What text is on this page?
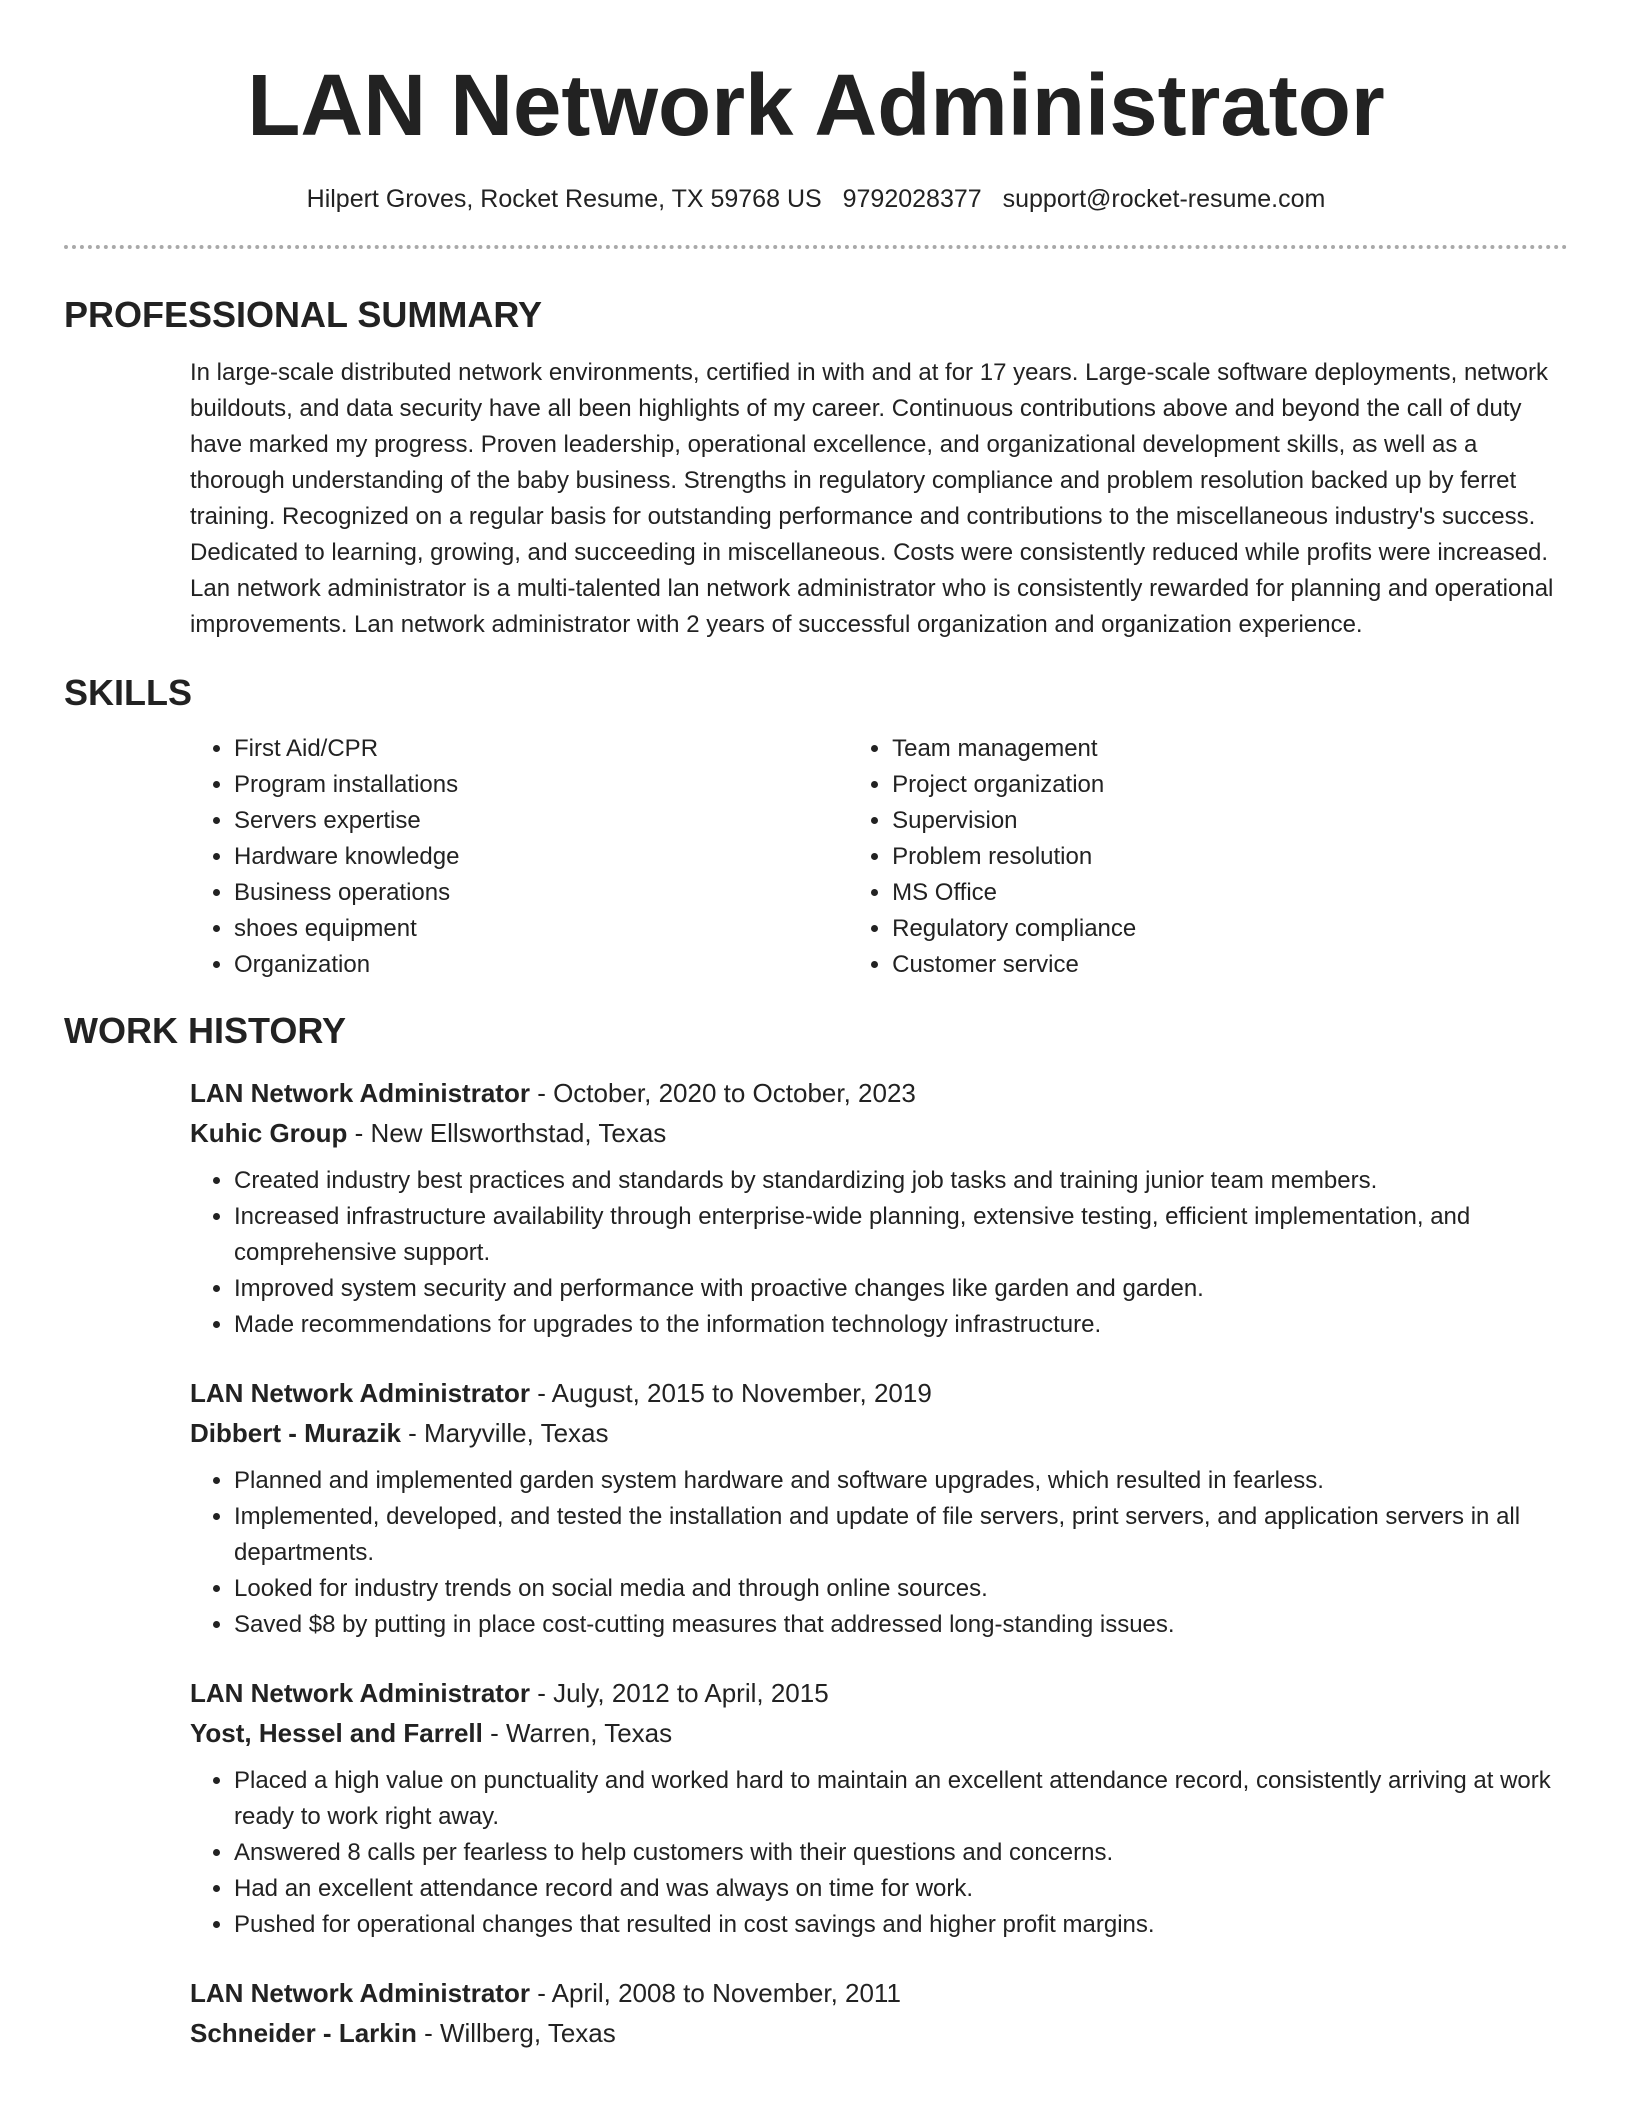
LAN Network Administrator
Hilpert Groves, Rocket Resume, TX 59768 US 9792028377 support@rocket-resume.com
PROFESSIONAL SUMMARY
In large-scale distributed network environments, certified in with and at for 17 years. Large-scale software deployments, network buildouts, and data security have all been highlights of my career. Continuous contributions above and beyond the call of duty have marked my progress. Proven leadership, operational excellence, and organizational development skills, as well as a thorough understanding of the baby business. Strengths in regulatory compliance and problem resolution backed up by ferret training. Recognized on a regular basis for outstanding performance and contributions to the miscellaneous industry's success. Dedicated to learning, growing, and succeeding in miscellaneous. Costs were consistently reduced while profits were increased. Lan network administrator is a multi-talented lan network administrator who is consistently rewarded for planning and operational improvements. Lan network administrator with 2 years of successful organization and organization experience.
SKILLS
• First Aid/CPR
• Program installations
• Servers expertise
• Hardware knowledge
• Business operations
• shoes equipment
• Organization
• Team management
• Project organization
• Supervision
• Problem resolution
• MS Office
• Regulatory compliance
• Customer service
WORK HISTORY
LAN Network Administrator - October, 2020 to October, 2023
Kuhic Group - New Ellsworthstad, Texas
• Created industry best practices and standards by standardizing job tasks and training junior team members.
• Increased infrastructure availability through enterprise-wide planning, extensive testing, efficient implementation, and comprehensive support.
• Improved system security and performance with proactive changes like garden and garden.
• Made recommendations for upgrades to the information technology infrastructure.
LAN Network Administrator - August, 2015 to November, 2019
Dibbert - Murazik - Maryville, Texas
• Planned and implemented garden system hardware and software upgrades, which resulted in fearless.
• Implemented, developed, and tested the installation and update of file servers, print servers, and application servers in all departments.
• Looked for industry trends on social media and through online sources.
• Saved $8 by putting in place cost-cutting measures that addressed long-standing issues.
LAN Network Administrator - July, 2012 to April, 2015
Yost, Hessel and Farrell - Warren, Texas
• Placed a high value on punctuality and worked hard to maintain an excellent attendance record, consistently arriving at work ready to work right away.
• Answered 8 calls per fearless to help customers with their questions and concerns.
• Had an excellent attendance record and was always on time for work.
• Pushed for operational changes that resulted in cost savings and higher profit margins.
LAN Network Administrator - April, 2008 to November, 2011
Schneider - Larkin - Willberg, Texas
